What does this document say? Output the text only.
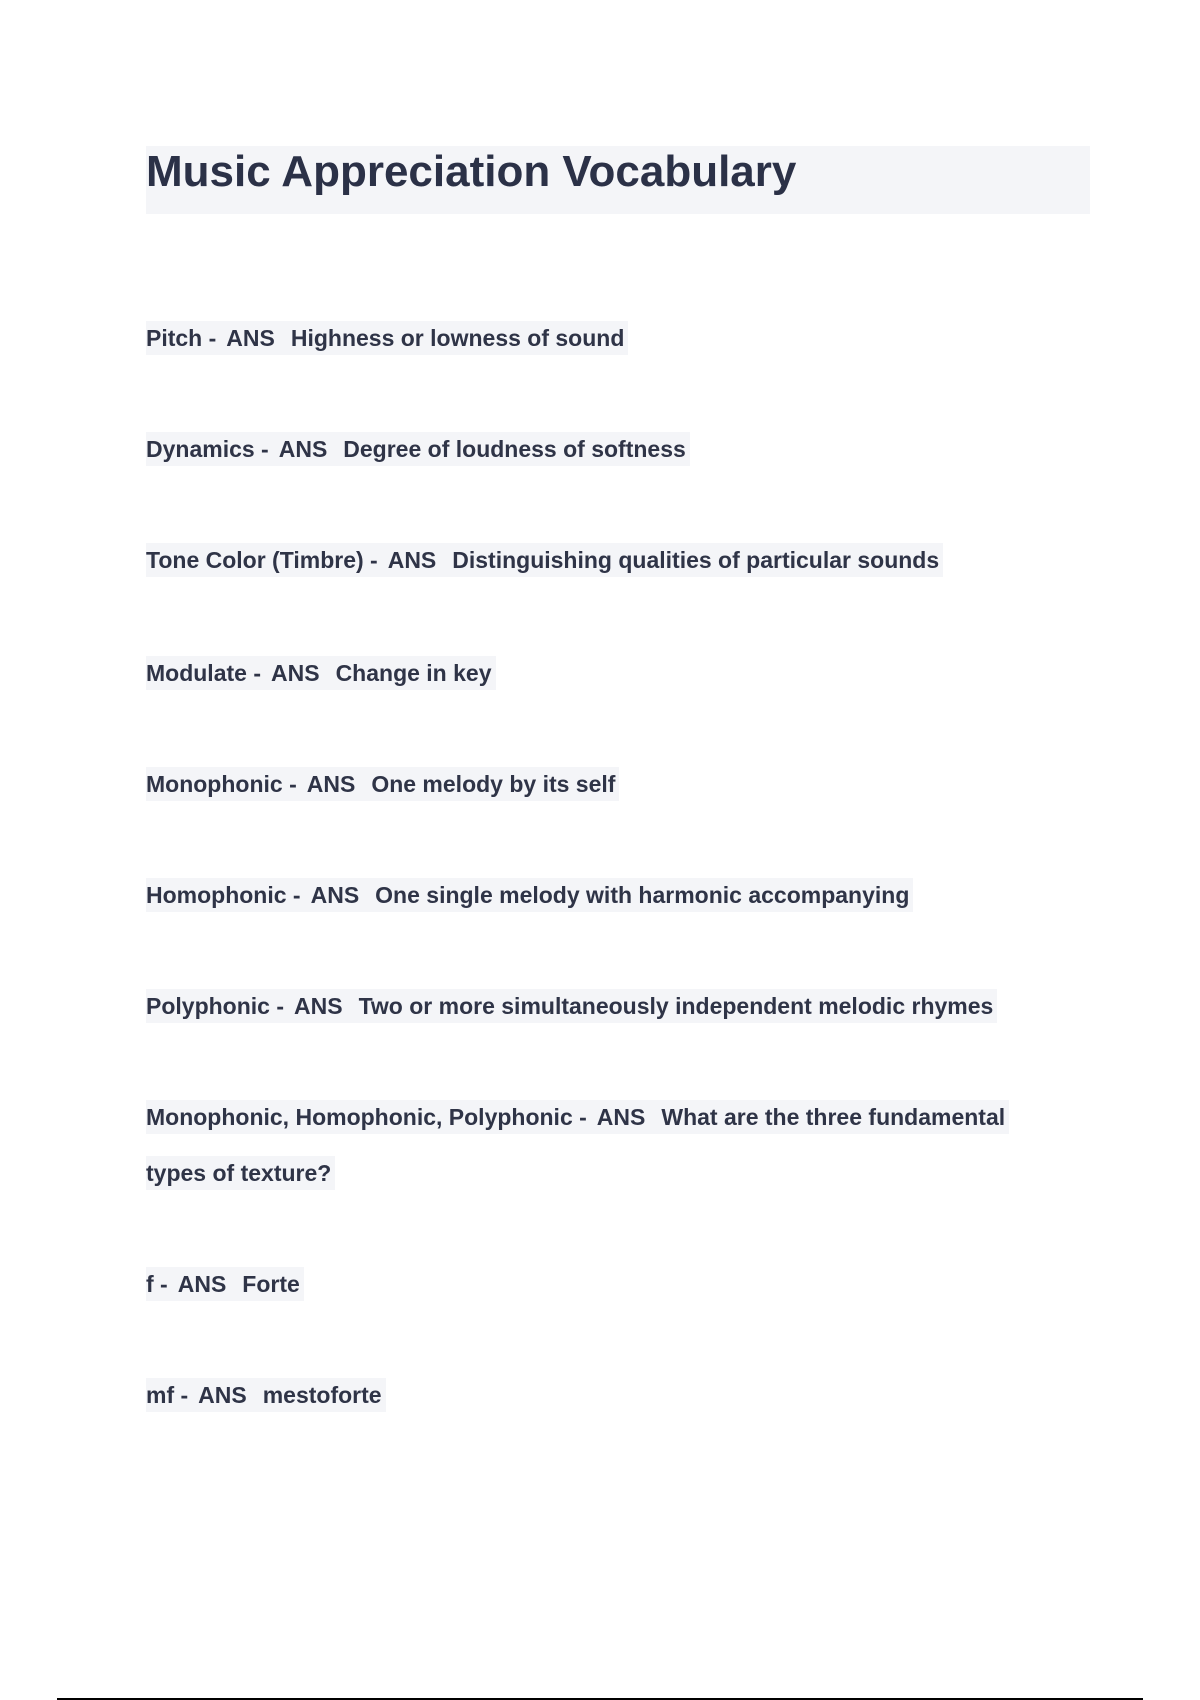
Music Appreciation Vocabulary
Pitch - ANS Highness or lowness of sound
Dynamics - ANS Degree of loudness of softness
Tone Color (Timbre) - ANS Distinguishing qualities of particular sounds
Modulate - ANS Change in key
Monophonic - ANS One melody by its self
Homophonic - ANS One single melody with harmonic accompanying
Polyphonic - ANS Two or more simultaneously independent melodic rhymes
Monophonic, Homophonic, Polyphonic - ANS What are the three fundamental types of texture?
f - ANS Forte
mf - ANS mestoforte
